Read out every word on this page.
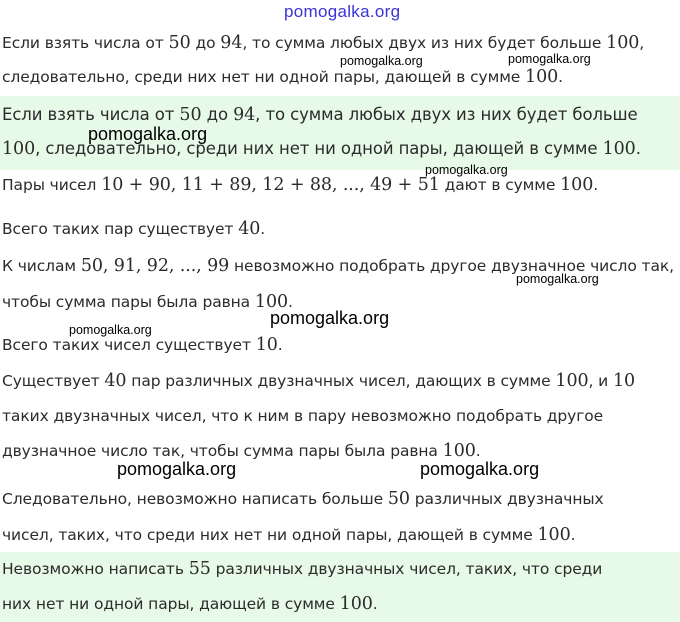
pomogalka.org
pomogalka.org	pomogalka.org
pomogalka.org
pomogalka.org
pomogalka.org
pomogalka.org
pomogalka.org
pomogalka.org	pomogalka.org
Если взять числа от 50 до 94, то сумма любых двух из них будет больше 100,
следовательно, среди них нет ни одной пары, дающей в сумме 100.
Если взять числа от 50 до 94, то сумма любых двух из них будет больше
100, следовательно, среди них нет ни одной пары, дающей в сумме 100.
Пары чисел 10 + 90, 11 + 89, 12 + 88, ..., 49 + 51 дают в сумме 100.
Всего таких пар существует 40.
К числам 50, 91, 92, ..., 99 невозможно подобрать другое двузначное число так,
чтобы сумма пары была равна 100.
Всего таких чисел существует 10.
Существует 40 пар различных двузначных чисел, дающих в сумме 100, и 10
таких двузначных чисел, что к ним в пару невозможно подобрать другое
двузначное число так, чтобы сумма пары была равна 100.
Следовательно, невозможно написать больше 50 различных двузначных
чисел, таких, что среди них нет ни одной пары, дающей в сумме 100.
Невозможно написать 55 различных двузначных чисел, таких, что среди
них нет ни одной пары, дающей в сумме 100.
